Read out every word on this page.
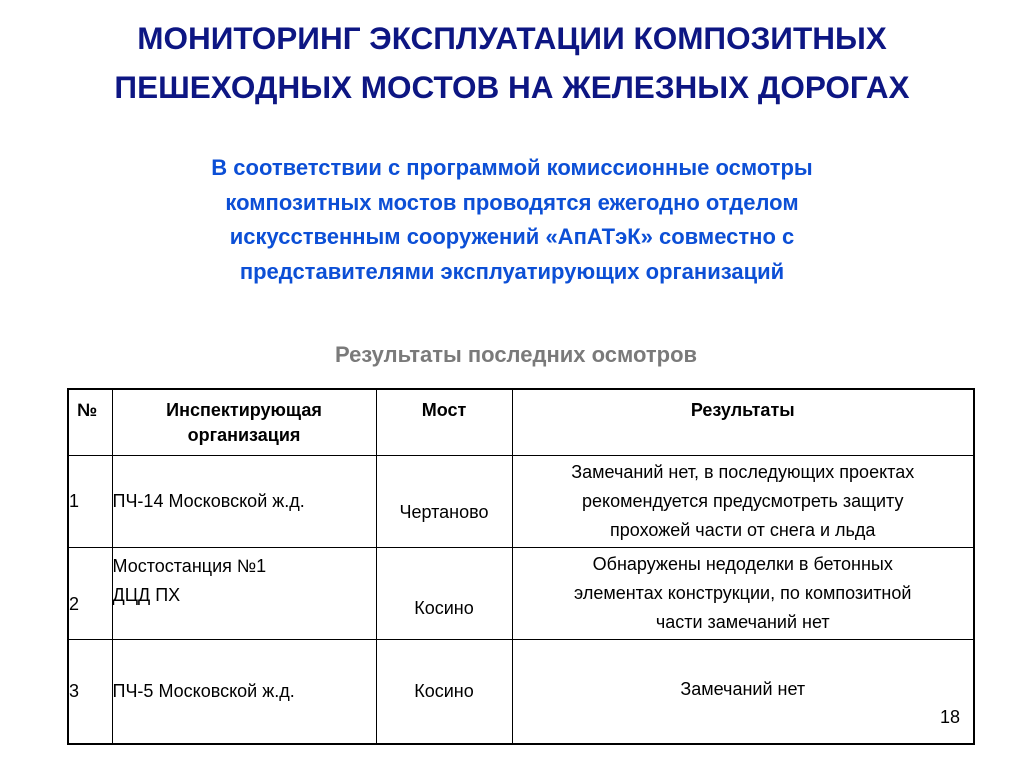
МОНИТОРИНГ ЭКСПЛУАТАЦИИ КОМПОЗИТНЫХ
ПЕШЕХОДНЫХ МОСТОВ НА ЖЕЛЕЗНЫХ ДОРОГАХ

В соответствии с программой комиссионные осмотры
композитных мостов проводятся ежегодно отделом
искусственным сооружений «АпАТэК» совместно с
представителями эксплуатирующих организаций

Результаты последних осмотров
№	Инспектирующая
организация	Мост	Результаты
1	ПЧ-14 Московской ж.д.	Чертаново	Замечаний нет, в последующих проектах
рекомендуется предусмотреть защиту
прохожей части от снега и льда
2	Мостостанция №1
ДЦД ПХ	Косино	Обнаружены недоделки в бетонных
элементах конструкции, по композитной
части замечаний нет
3	ПЧ-5 Московской ж.д.	Косино	Замечаний нет
18
